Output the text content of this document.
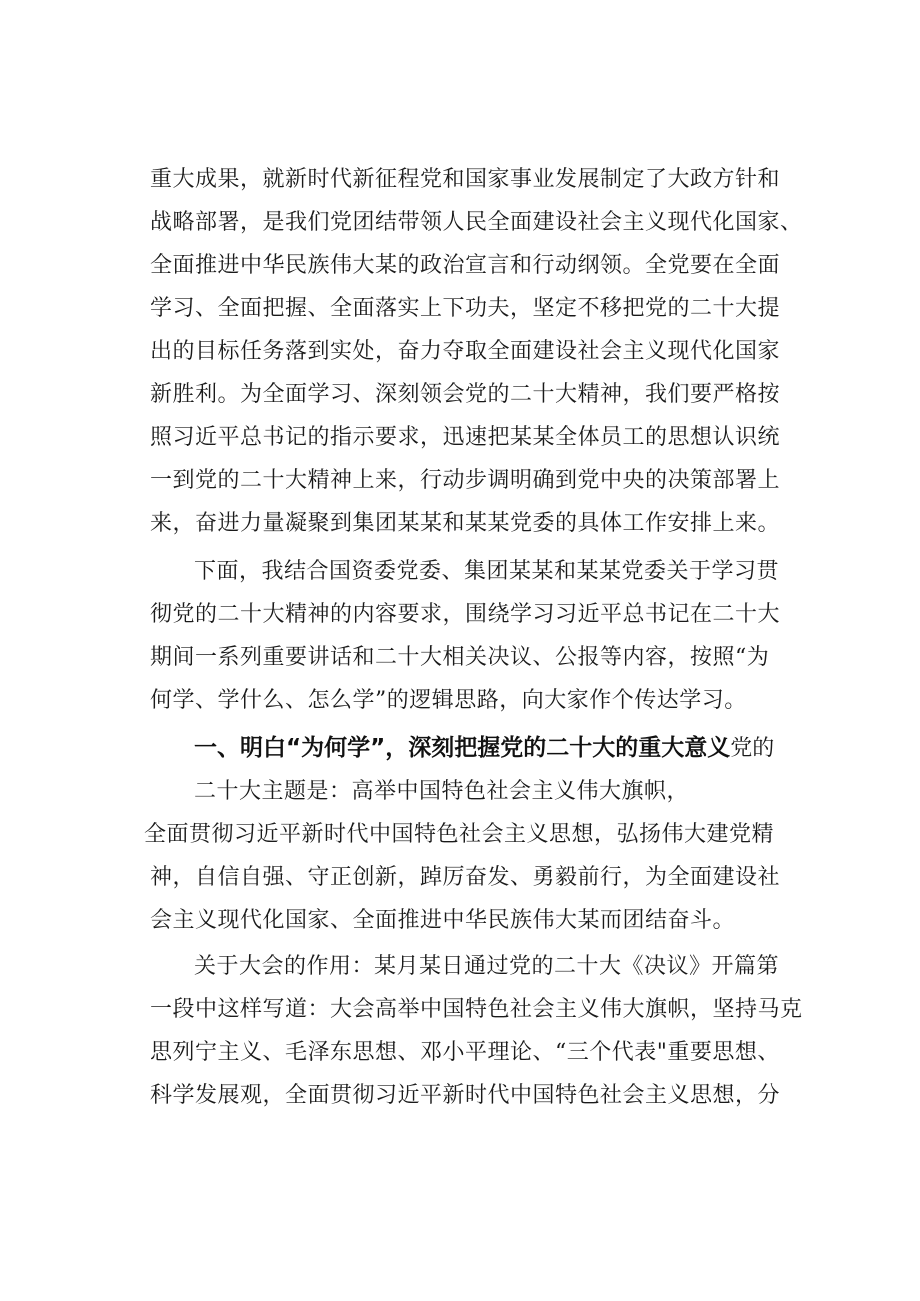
重大成果，就新时代新征程党和国家事业发展制定了大政方针和
战略部署，是我们党团结带领人民全面建设社会主义现代化国家、
全面推进中华民族伟大某的政治宣言和行动纲领。全党要在全面
学习、全面把握、全面落实上下功夫，坚定不移把党的二十大提
出的目标任务落到实处，奋力夺取全面建设社会主义现代化国家
新胜利。为全面学习、深刻领会党的二十大精神，我们要严格按
照习近平总书记的指示要求，迅速把某某全体员工的思想认识统
一到党的二十大精神上来，行动步调明确到党中央的决策部署上
来，奋进力量凝聚到集团某某和某某党委的具体工作安排上来。
下面，我结合国资委党委、集团某某和某某党委关于学习贯
彻党的二十大精神的内容要求，围绕学习习近平总书记在二十大
期间一系列重要讲话和二十大相关决议、公报等内容，按照“为
何学、学什么、怎么学”的逻辑思路，向大家作个传达学习。
一、明白“为何学”，深刻把握党的二十大的重大意义党的
二十大主题是：高举中国特色社会主义伟大旗帜，
全面贯彻习近平新时代中国特色社会主义思想，弘扬伟大建党精
神，自信自强、守正创新，踔厉奋发、勇毅前行，为全面建设社
会主义现代化国家、全面推进中华民族伟大某而团结奋斗。
关于大会的作用：某月某日通过党的二十大《决议》开篇第
一段中这样写道：大会高举中国特色社会主义伟大旗帜，坚持马克
思列宁主义、毛泽东思想、邓小平理论、“三个代表"重要思想、
科学发展观，全面贯彻习近平新时代中国特色社会主义思想，分
